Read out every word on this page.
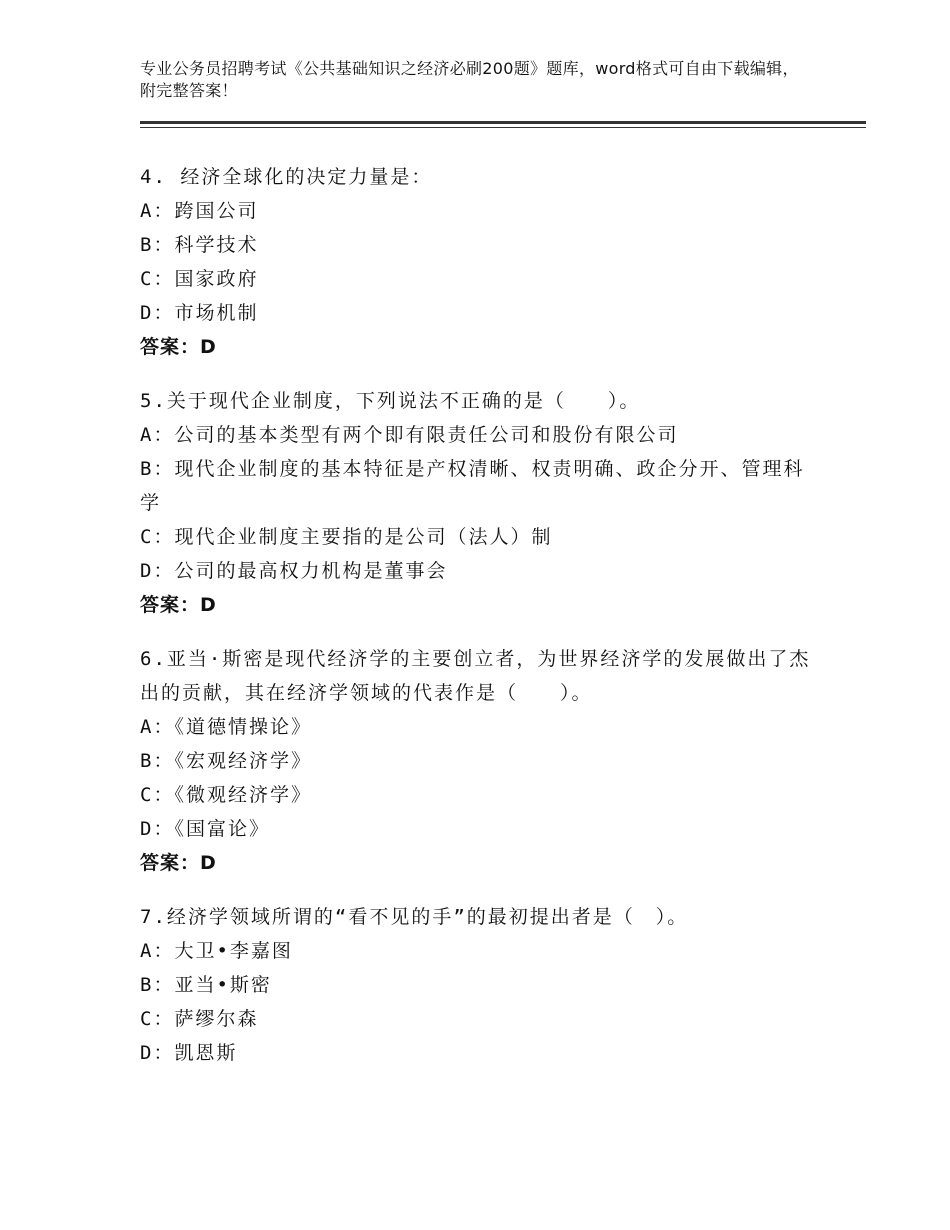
专业公务员招聘考试《公共基础知识之经济必刷200题》题库，word格式可自由下载编辑，附完整答案！
4. 经济全球化的决定力量是：
A：跨国公司
B：科学技术
C：国家政府
D：市场机制
答案：D
5.关于现代企业制度，下列说法不正确的是（　　）。
A：公司的基本类型有两个即有限责任公司和股份有限公司
B：现代企业制度的基本特征是产权清晰、权责明确、政企分开、管理科学
C：现代企业制度主要指的是公司（法人）制
D：公司的最高权力机构是董事会
答案：D
6.亚当·斯密是现代经济学的主要创立者，为世界经济学的发展做出了杰出的贡献，其在经济学领域的代表作是（　　）。
A：《道德情操论》
B：《宏观经济学》
C：《微观经济学》
D：《国富论》
答案：D
7.经济学领域所谓的“看不见的手”的最初提出者是（　）。
A：大卫•李嘉图
B：亚当•斯密
C：萨缪尔森
D：凯恩斯
